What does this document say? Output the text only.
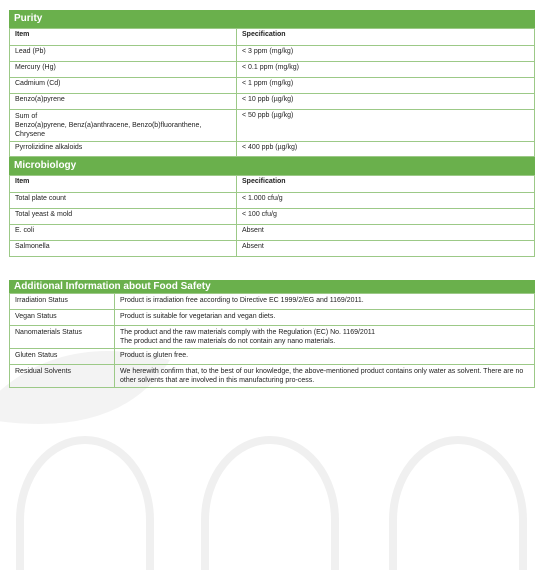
Purity
Item	Specification
Lead (Pb)	< 3 ppm (mg/kg)
Mercury (Hg)	< 0.1 ppm (mg/kg)
Cadmium (Cd)	< 1 ppm (mg/kg)
Benzo(a)pyrene	< 10 ppb (µg/kg)
Sum of
Benzo(a)pyrene, Benz(a)anthracene, Benzo(b)fluoranthene,
Chrysene	< 50 ppb (µg/kg)
Pyrrolizidine alkaloids	< 400 ppb (µg/kg)
Microbiology
Item	Specification
Total plate count	< 1.000 cfu/g
Total yeast & mold	< 100 cfu/g
E. coli	Absent
Salmonella	Absent
Additional Information about Food Safety
Irradiation Status	Product is irradiation free according to Directive EC 1999/2/EG and 1169/2011.
Vegan Status	Product is suitable for vegetarian and vegan diets.
Nanomaterials Status	The product and the raw materials comply with the Regulation (EC) No. 1169/2011
The product and the raw materials do not contain any nano materials.
Gluten Status	Product is gluten free.
Residual Solvents	We herewith confirm that, to the best of our knowledge, the above-mentioned product contains only water as solvent. There are no other solvents that are involved in this manufacturing pro-cess.
